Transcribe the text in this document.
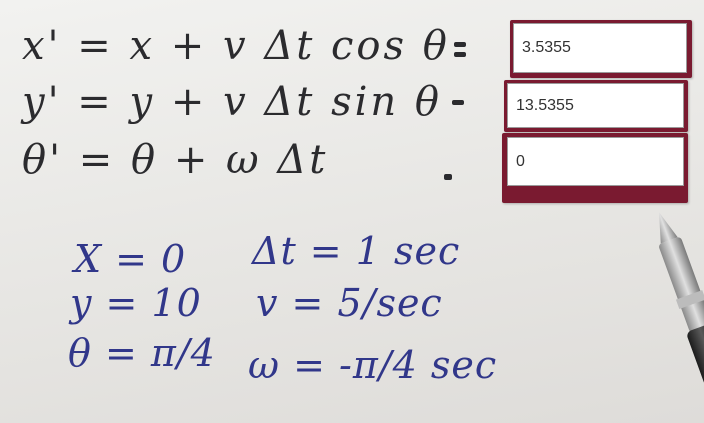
x' = x + v Δt cos θ
y' = y + v Δt sin θ
θ' = θ + ω Δt
3.5355
13.5355
0
X = 0
y = 10
θ = π/4
Δt = 1 sec
v = 5/sec
ω = -π/4 sec
